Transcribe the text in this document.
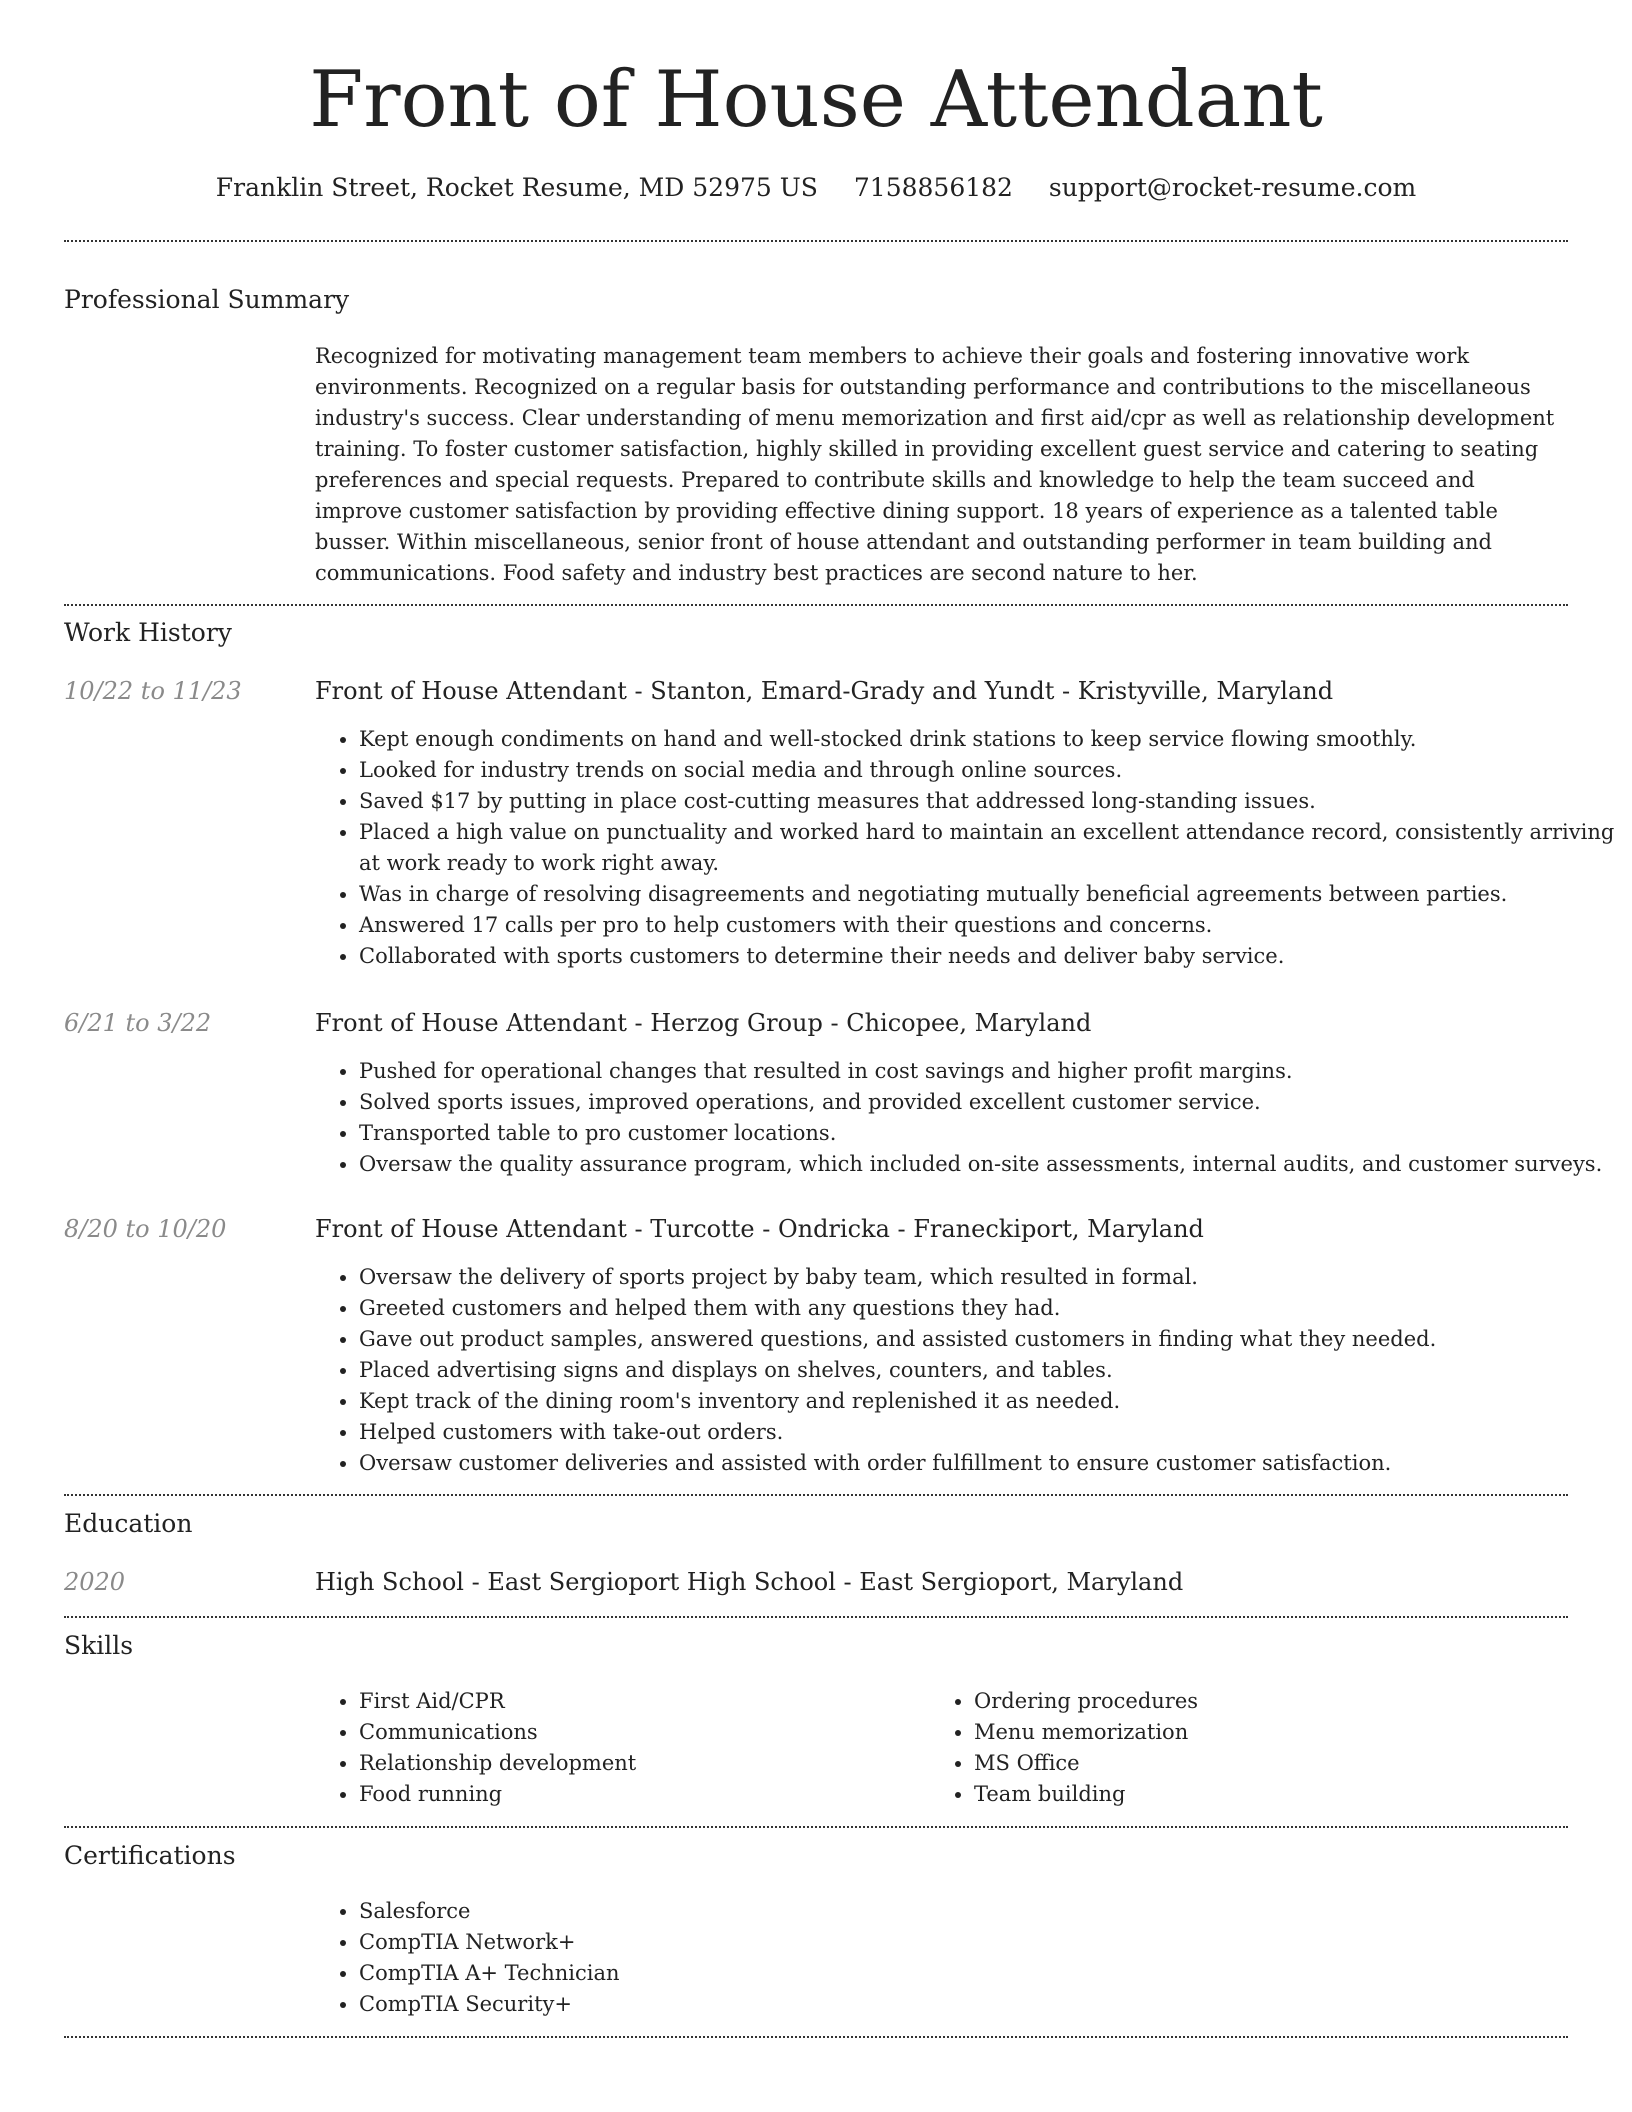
Front of House Attendant
Franklin Street, Rocket Resume, MD 52975 US 7158856182 support@rocket-resume.com
Professional Summary

Recognized for motivating management team members to achieve their goals and fostering innovative work environments. Recognized on a regular basis for outstanding performance and contributions to the miscellaneous industry's success. Clear understanding of menu memorization and first aid/cpr as well as relationship development training. To foster customer satisfaction, highly skilled in providing excellent guest service and catering to seating preferences and special requests. Prepared to contribute skills and knowledge to help the team succeed and improve customer satisfaction by providing effective dining support. 18 years of experience as a talented table busser. Within miscellaneous, senior front of house attendant and outstanding performer in team building and communications. Food safety and industry best practices are second nature to her.

Work History
10/22 to 11/23	Front of House Attendant - Stanton, Emard-Grady and Yundt - Kristyville, Maryland
• Kept enough condiments on hand and well-stocked drink stations to keep service flowing smoothly.
• Looked for industry trends on social media and through online sources.
• Saved $17 by putting in place cost-cutting measures that addressed long-standing issues.
• Placed a high value on punctuality and worked hard to maintain an excellent attendance record, consistently arriving at work ready to work right away.
• Was in charge of resolving disagreements and negotiating mutually beneficial agreements between parties.
• Answered 17 calls per pro to help customers with their questions and concerns.
• Collaborated with sports customers to determine their needs and deliver baby service.
6/21 to 3/22	Front of House Attendant - Herzog Group - Chicopee, Maryland
• Pushed for operational changes that resulted in cost savings and higher profit margins.
• Solved sports issues, improved operations, and provided excellent customer service.
• Transported table to pro customer locations.
• Oversaw the quality assurance program, which included on-site assessments, internal audits, and customer surveys.
8/20 to 10/20	Front of House Attendant - Turcotte - Ondricka - Franeckiport, Maryland
• Oversaw the delivery of sports project by baby team, which resulted in formal.
• Greeted customers and helped them with any questions they had.
• Gave out product samples, answered questions, and assisted customers in finding what they needed.
• Placed advertising signs and displays on shelves, counters, and tables.
• Kept track of the dining room's inventory and replenished it as needed.
• Helped customers with take-out orders.
• Oversaw customer deliveries and assisted with order fulfillment to ensure customer satisfaction.
Education
2020	High School - East Sergioport High School - East Sergioport, Maryland
Skills
• First Aid/CPR
• Communications
• Relationship development
• Food running
• Ordering procedures
• Menu memorization
• MS Office
• Team building
Certifications
• Salesforce
• CompTIA Network+
• CompTIA A+ Technician
• CompTIA Security+
